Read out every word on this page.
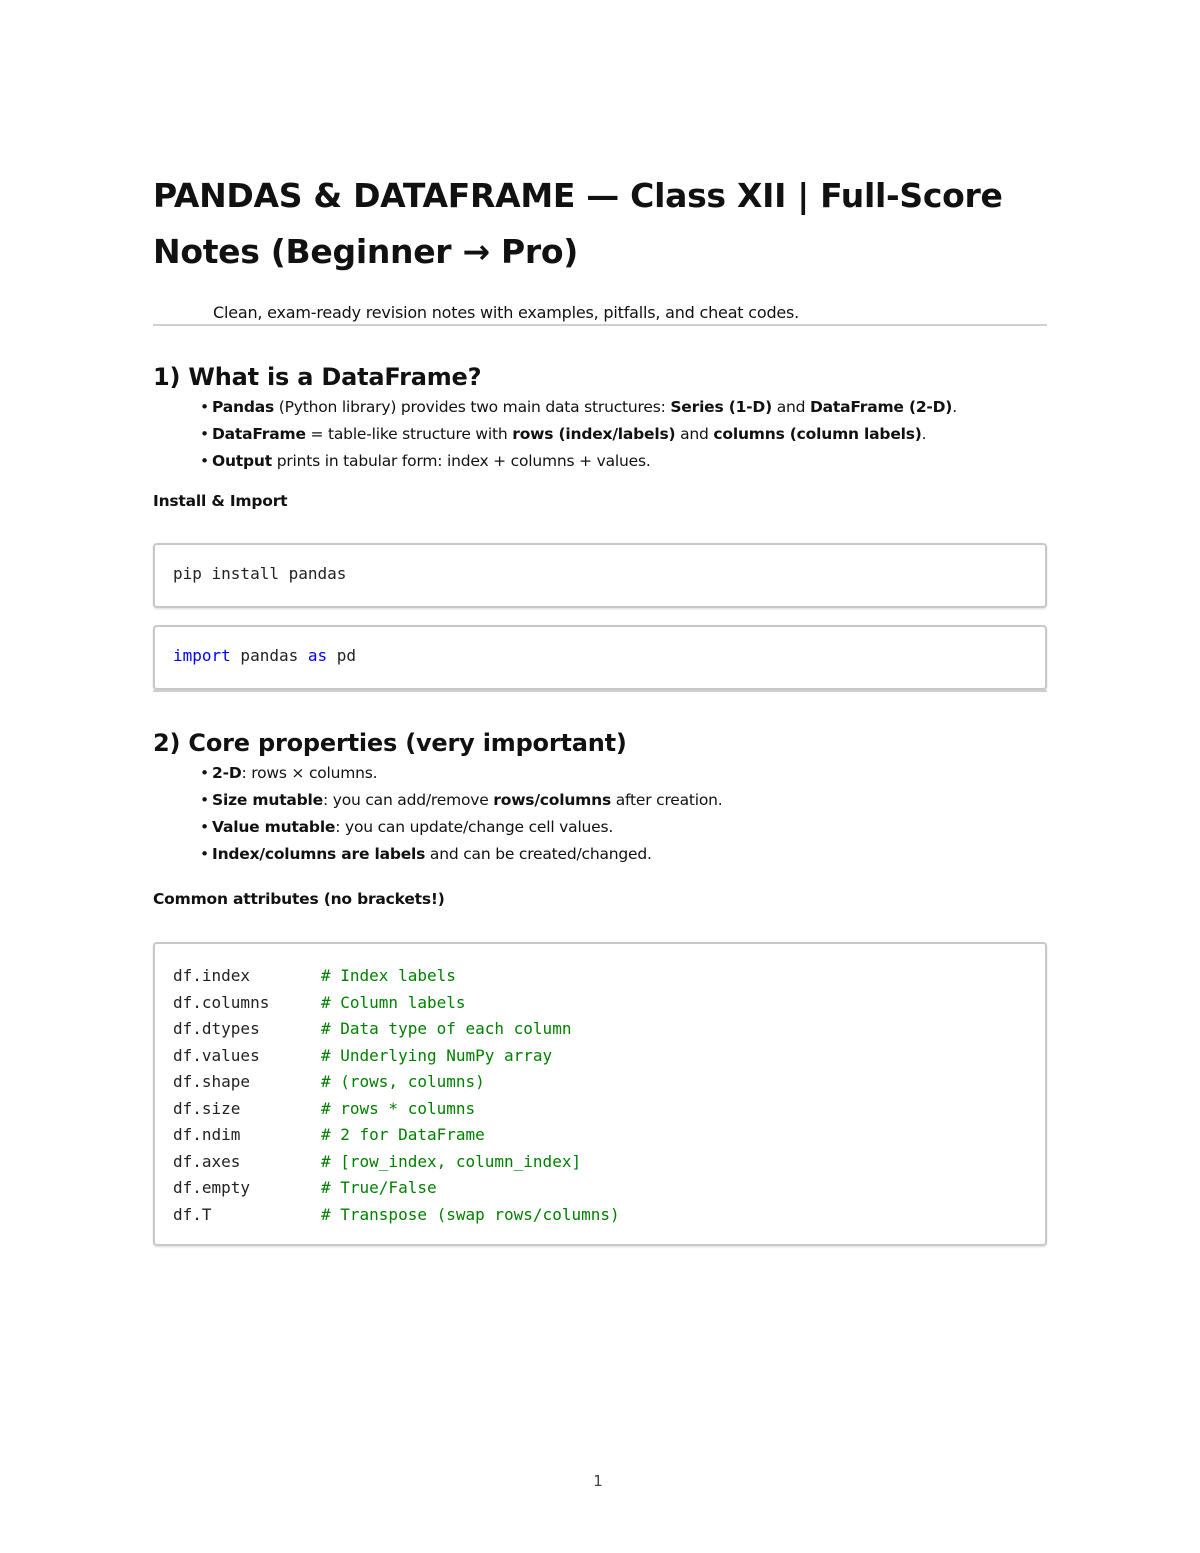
PANDAS & DATAFRAME — Class XII | Full-Score
Notes (Beginner → Pro)
Clean, exam-ready revision notes with examples, pitfalls, and cheat codes.
1) What is a DataFrame?
• Pandas (Python library) provides two main data structures: Series (1-D) and DataFrame (2-D).
• DataFrame = table-like structure with rows (index/labels) and columns (column labels).
• Output prints in tabular form: index + columns + values.
Install & Import
pip install pandas
import pandas as pd
2) Core properties (very important)
• 2-D: rows × columns.
• Size mutable: you can add/remove rows/columns after creation.
• Value mutable: you can update/change cell values.
• Index/columns are labels and can be created/changed.
Common attributes (no brackets!)
df.index	# Index labels
df.columns	# Column labels
df.dtypes	# Data type of each column
df.values	# Underlying NumPy array
df.shape	# (rows, columns)
df.size	# rows * columns
df.ndim	# 2 for DataFrame
df.axes	# [row_index, column_index]
df.empty	# True/False
df.T	# Transpose (swap rows/columns)
1
